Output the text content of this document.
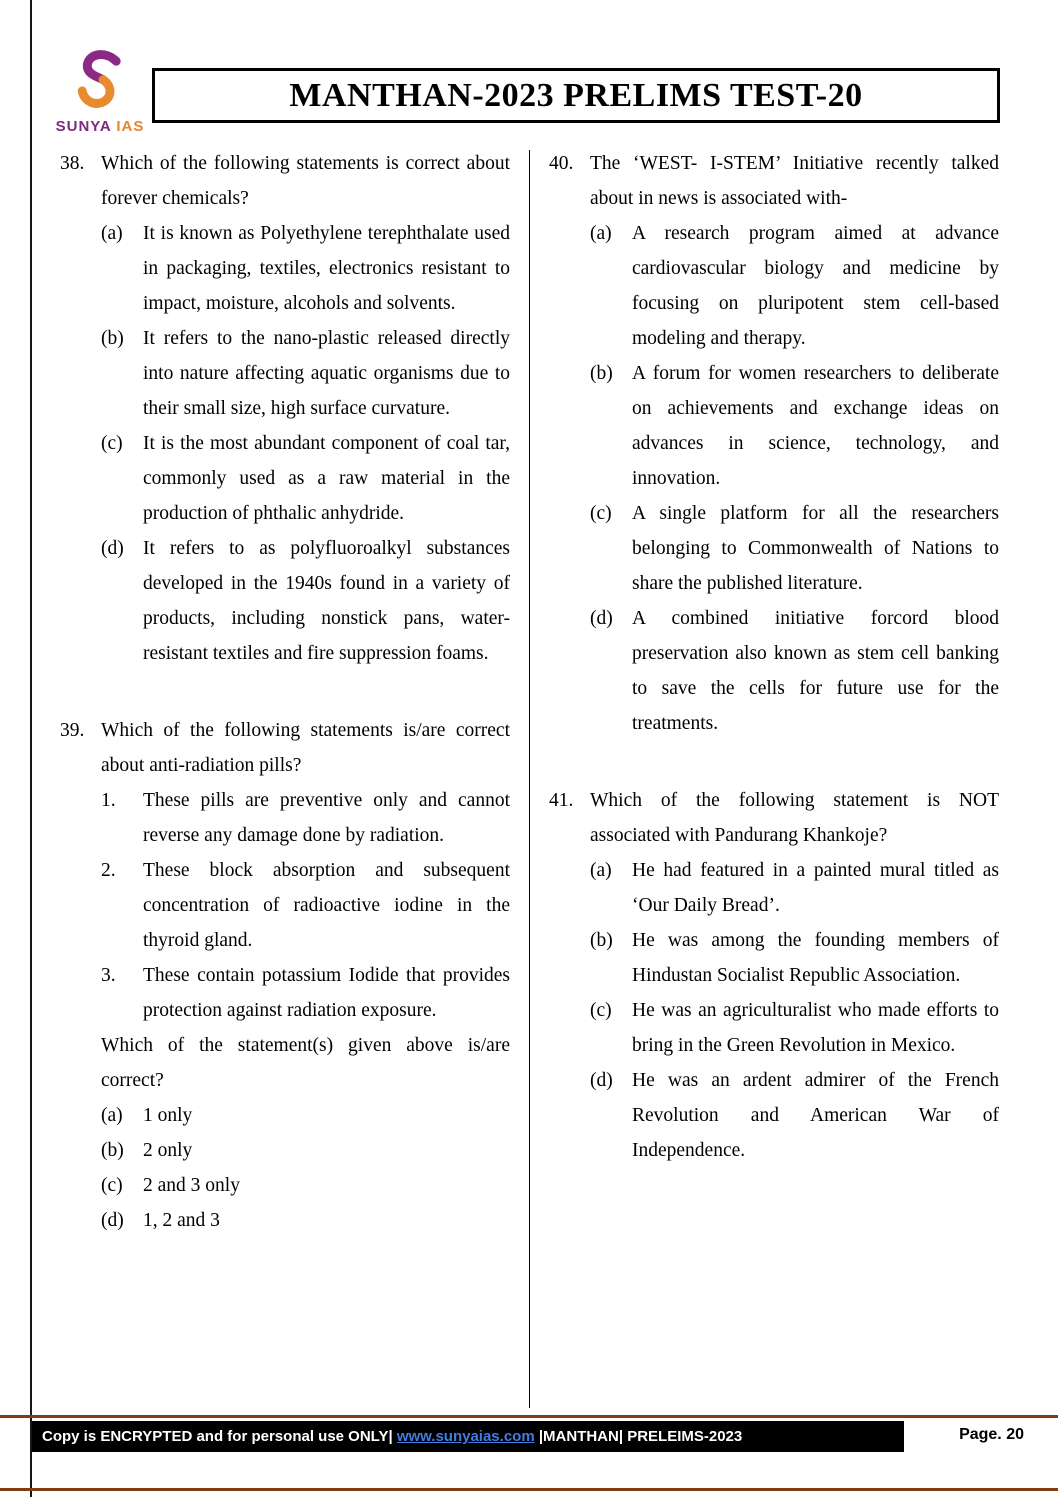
SUNYA IAS
MANTHAN-2023 PRELIMS TEST-20
38. Which of the following statements is correct about forever chemicals?
(a)	It is known as Polyethylene terephthalate used in packaging, textiles, electronics resistant to impact, moisture, alcohols and solvents.
(b) It refers to the nano-plastic released directly into nature affecting aquatic organisms due to their small size, high surface curvature.
(c)	It is the most abundant component of coal tar, commonly used as a raw material in the production of phthalic anhydride.
(d) It refers to as polyfluoroalkyl substances developed in the 1940s found in a variety of products, including nonstick pans, water-resistant textiles and fire suppression foams.
39. Which of the following statements is/are correct about anti-radiation pills?
1.	These pills are preventive only and cannot reverse any damage done by radiation.
2.	These block absorption and subsequent concentration of radioactive iodine in the thyroid gland.
3.	These contain potassium Iodide that provides protection against radiation exposure.
Which of the statement(s) given above is/are correct?
(a)	1 only
(b) 2 only
(c)	2 and 3 only
(d) 1, 2 and 3
40. The ‘WEST- I-STEM’ Initiative recently talked about in news is associated with-
(a)	A research program aimed at advance cardiovascular biology and medicine by focusing on pluripotent stem cell-based modeling and therapy.
(b) A forum for women researchers to deliberate on achievements and exchange ideas on advances in science, technology, and innovation.
(c)	A single platform for all the researchers belonging to Commonwealth of Nations to share the published literature.
(d) A combined initiative forcord blood preservation also known as stem cell banking to save the cells for future use for the treatments.
41. Which of the following statement is NOT associated with Pandurang Khankoje?
(a)	He had featured in a painted mural titled as ‘Our Daily Bread’.
(b) He was among the founding members of Hindustan Socialist Republic Association.
(c)	He was an agriculturalist who made efforts to bring in the Green Revolution in Mexico.
(d) He was an ardent admirer of the French Revolution and American War of Independence.
Copy is ENCRYPTED and for personal use ONLY| www.sunyaias.com |MANTHAN| PRELEIMS-2023	Page. 20
